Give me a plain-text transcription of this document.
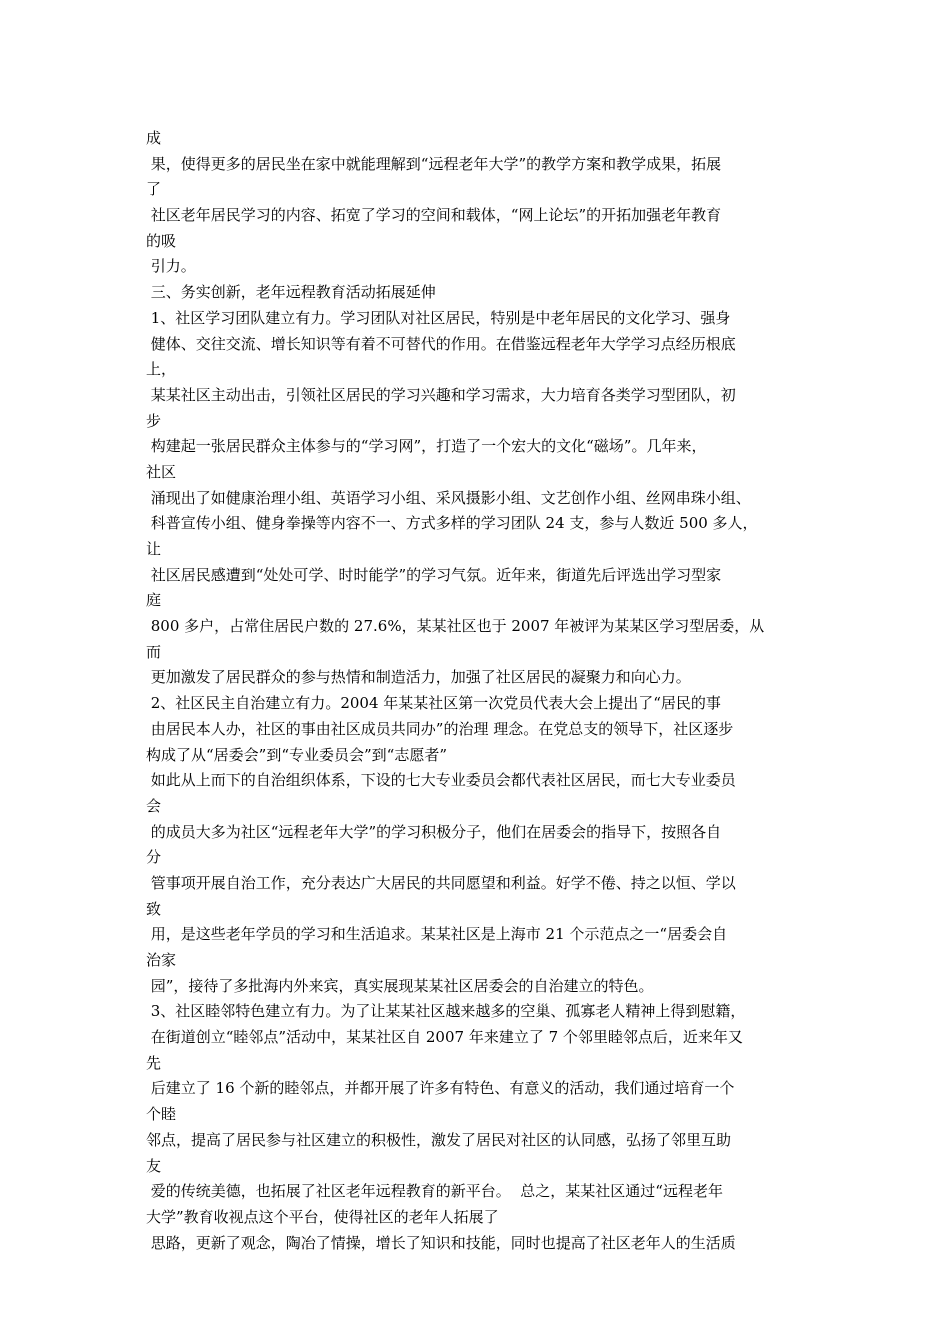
成
果，使得更多的居民坐在家中就能理解到“远程老年大学”的教学方案和教学成果，拓展
了
社区老年居民学习的内容、拓宽了学习的空间和载体，“网上论坛”的开拓加强老年教育
的吸
引力。
三、务实创新，老年远程教育活动拓展延伸
1、社区学习团队建立有力。学习团队对社区居民，特别是中老年居民的文化学习、强身
健体、交往交流、增长知识等有着不可替代的作用。在借鉴远程老年大学学习点经历根底
上，
某某社区主动出击，引领社区居民的学习兴趣和学习需求，大力培育各类学习型团队，初
步
构建起一张居民群众主体参与的“学习网”，打造了一个宏大的文化“磁场”。几年来，
社区
涌现出了如健康治理小组、英语学习小组、采风摄影小组、文艺创作小组、丝网串珠小组、
科普宣传小组、健身拳操等内容不一、方式多样的学习团队 24 支，参与人数近 500 多人，
让
社区居民感遭到“处处可学、时时能学”的学习气氛。近年来，街道先后评选出学习型家
庭
800 多户，占常住居民户数的 27.6%，某某社区也于 2007 年被评为某某区学习型居委，从
而
更加激发了居民群众的参与热情和制造活力，加强了社区居民的凝聚力和向心力。
2、社区民主自治建立有力。2004 年某某社区第一次党员代表大会上提出了“居民的事
由居民本人办，社区的事由社区成员共同办”的治理 理念。在党总支的领导下，社区逐步
构成了从“居委会”到“专业委员会”到“志愿者”
如此从上而下的自治组织体系，下设的七大专业委员会都代表社区居民，而七大专业委员
会
的成员大多为社区“远程老年大学”的学习积极分子，他们在居委会的指导下，按照各自
分
管事项开展自治工作，充分表达广大居民的共同愿望和利益。好学不倦、持之以恒、学以
致
用，是这些老年学员的学习和生活追求。某某社区是上海市 21 个示范点之一“居委会自
治家
园”，接待了多批海内外来宾，真实展现某某社区居委会的自治建立的特色。
3、社区睦邻特色建立有力。为了让某某社区越来越多的空巢、孤寡老人精神上得到慰籍，
在街道创立“睦邻点”活动中，某某社区自 2007 年来建立了 7 个邻里睦邻点后，近来年又
先
后建立了 16 个新的睦邻点，并都开展了许多有特色、有意义的活动，我们通过培育一个
个睦
邻点，提高了居民参与社区建立的积极性，激发了居民对社区的认同感，弘扬了邻里互助
友
爱的传统美德，也拓展了社区老年远程教育的新平台。  总之，某某社区通过“远程老年
大学”教育收视点这个平台，使得社区的老年人拓展了
思路，更新了观念，陶冶了情操，增长了知识和技能，同时也提高了社区老年人的生活质
